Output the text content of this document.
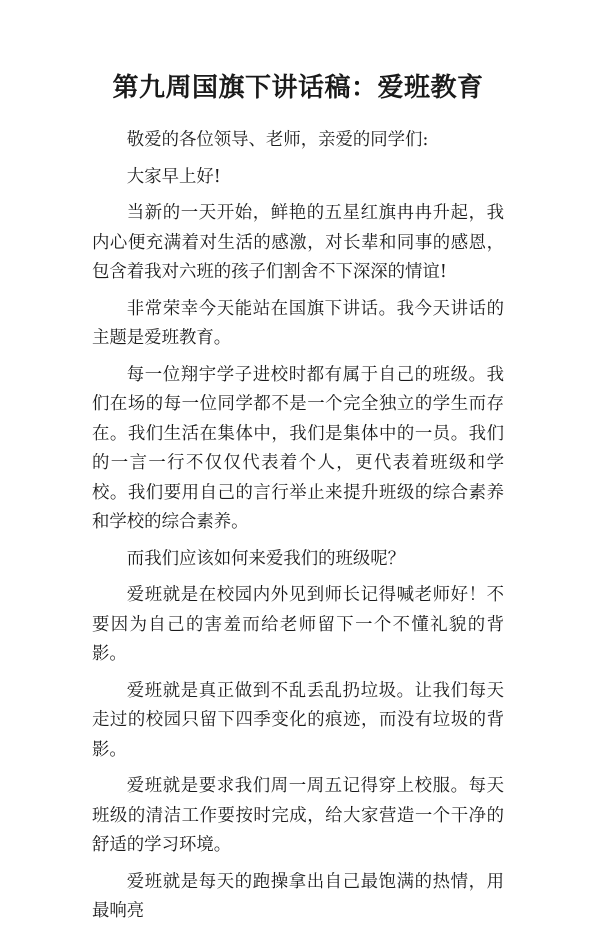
第九周国旗下讲话稿：爱班教育

敬爱的各位领导、老师，亲爱的同学们:

大家早上好!

当新的一天开始，鲜艳的五星红旗冉冉升起，我内心便充满着对生活的感激，对长辈和同事的感恩，包含着我对六班的孩子们割舍不下深深的情谊!

非常荣幸今天能站在国旗下讲话。我今天讲话的主题是爱班教育。

每一位翔宇学子进校时都有属于自己的班级。我们在场的每一位同学都不是一个完全独立的学生而存在。我们生活在集体中，我们是集体中的一员。我们的一言一行不仅仅代表着个人，更代表着班级和学校。我们要用自己的言行举止来提升班级的综合素养和学校的综合素养。

而我们应该如何来爱我们的班级呢？

爱班就是在校园内外见到师长记得喊老师好！不要因为自己的害羞而给老师留下一个不懂礼貌的背影。

爱班就是真正做到不乱丢乱扔垃圾。让我们每天走过的校园只留下四季变化的痕迹，而没有垃圾的背影。

爱班就是要求我们周一周五记得穿上校服。每天班级的清洁工作要按时完成，给大家营造一个干净的舒适的学习环境。

爱班就是每天的跑操拿出自己最饱满的热情，用最响亮
